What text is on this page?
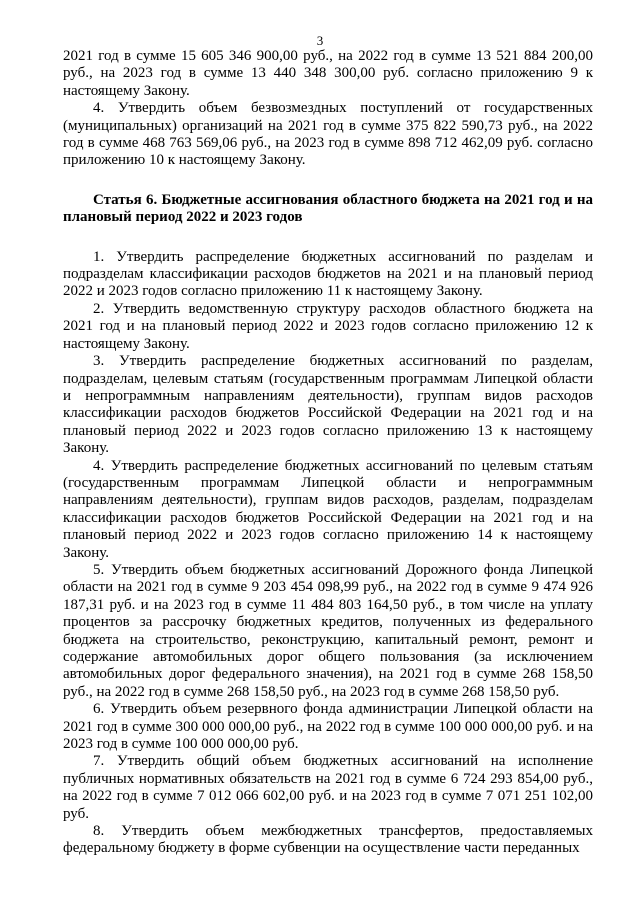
3

2021 год в сумме 15 605 346 900,00 руб., на 2022 год в сумме 13 521 884 200,00 руб., на 2023 год в сумме 13 440 348 300,00 руб. согласно приложению 9 к настоящему Закону.

4. Утвердить объем безвозмездных поступлений от государственных (муниципальных) организаций на 2021 год в сумме 375 822 590,73 руб., на 2022 год в сумме 468 763 569,06 руб., на 2023 год в сумме 898 712 462,09 руб. согласно приложению 10 к настоящему Закону.

Статья 6. Бюджетные ассигнования областного бюджета на 2021 год и на плановый период 2022 и 2023 годов

1. Утвердить распределение бюджетных ассигнований по разделам и подразделам классификации расходов бюджетов на 2021 и на плановый период 2022 и 2023 годов согласно приложению 11 к настоящему Закону.

2. Утвердить ведомственную структуру расходов областного бюджета на 2021 год и на плановый период 2022 и 2023 годов согласно приложению 12 к настоящему Закону.

3. Утвердить распределение бюджетных ассигнований по разделам, подразделам, целевым статьям (государственным программам Липецкой области и непрограммным направлениям деятельности), группам видов расходов классификации расходов бюджетов Российской Федерации на 2021 год и на плановый период 2022 и 2023 годов согласно приложению 13 к настоящему Закону.

4. Утвердить распределение бюджетных ассигнований по целевым статьям (государственным программам Липецкой области и непрограммным направлениям деятельности), группам видов расходов, разделам, подразделам классификации расходов бюджетов Российской Федерации на 2021 год и на плановый период 2022 и 2023 годов согласно приложению 14 к настоящему Закону.

5. Утвердить объем бюджетных ассигнований Дорожного фонда Липецкой области на 2021 год в сумме 9 203 454 098,99 руб., на 2022 год в сумме 9 474 926 187,31 руб. и на 2023 год в сумме 11 484 803 164,50 руб., в том числе на уплату процентов за рассрочку бюджетных кредитов, полученных из федерального бюджета на строительство, реконструкцию, капитальный ремонт, ремонт и содержание автомобильных дорог общего пользования (за исключением автомобильных дорог федерального значения), на 2021 год в сумме 268 158,50 руб., на 2022 год в сумме 268 158,50 руб., на 2023 год в сумме 268 158,50 руб.

6. Утвердить объем резервного фонда администрации Липецкой области на 2021 год в сумме 300 000 000,00 руб., на 2022 год в сумме 100 000 000,00 руб. и на 2023 год в сумме 100 000 000,00 руб.

7. Утвердить общий объем бюджетных ассигнований на исполнение публичных нормативных обязательств на 2021 год в сумме 6 724 293 854,00 руб., на 2022 год в сумме 7 012 066 602,00 руб. и на 2023 год в сумме 7 071 251 102,00 руб.

8. Утвердить объем межбюджетных трансфертов, предоставляемых федеральному бюджету в форме субвенции на осуществление части переданных
